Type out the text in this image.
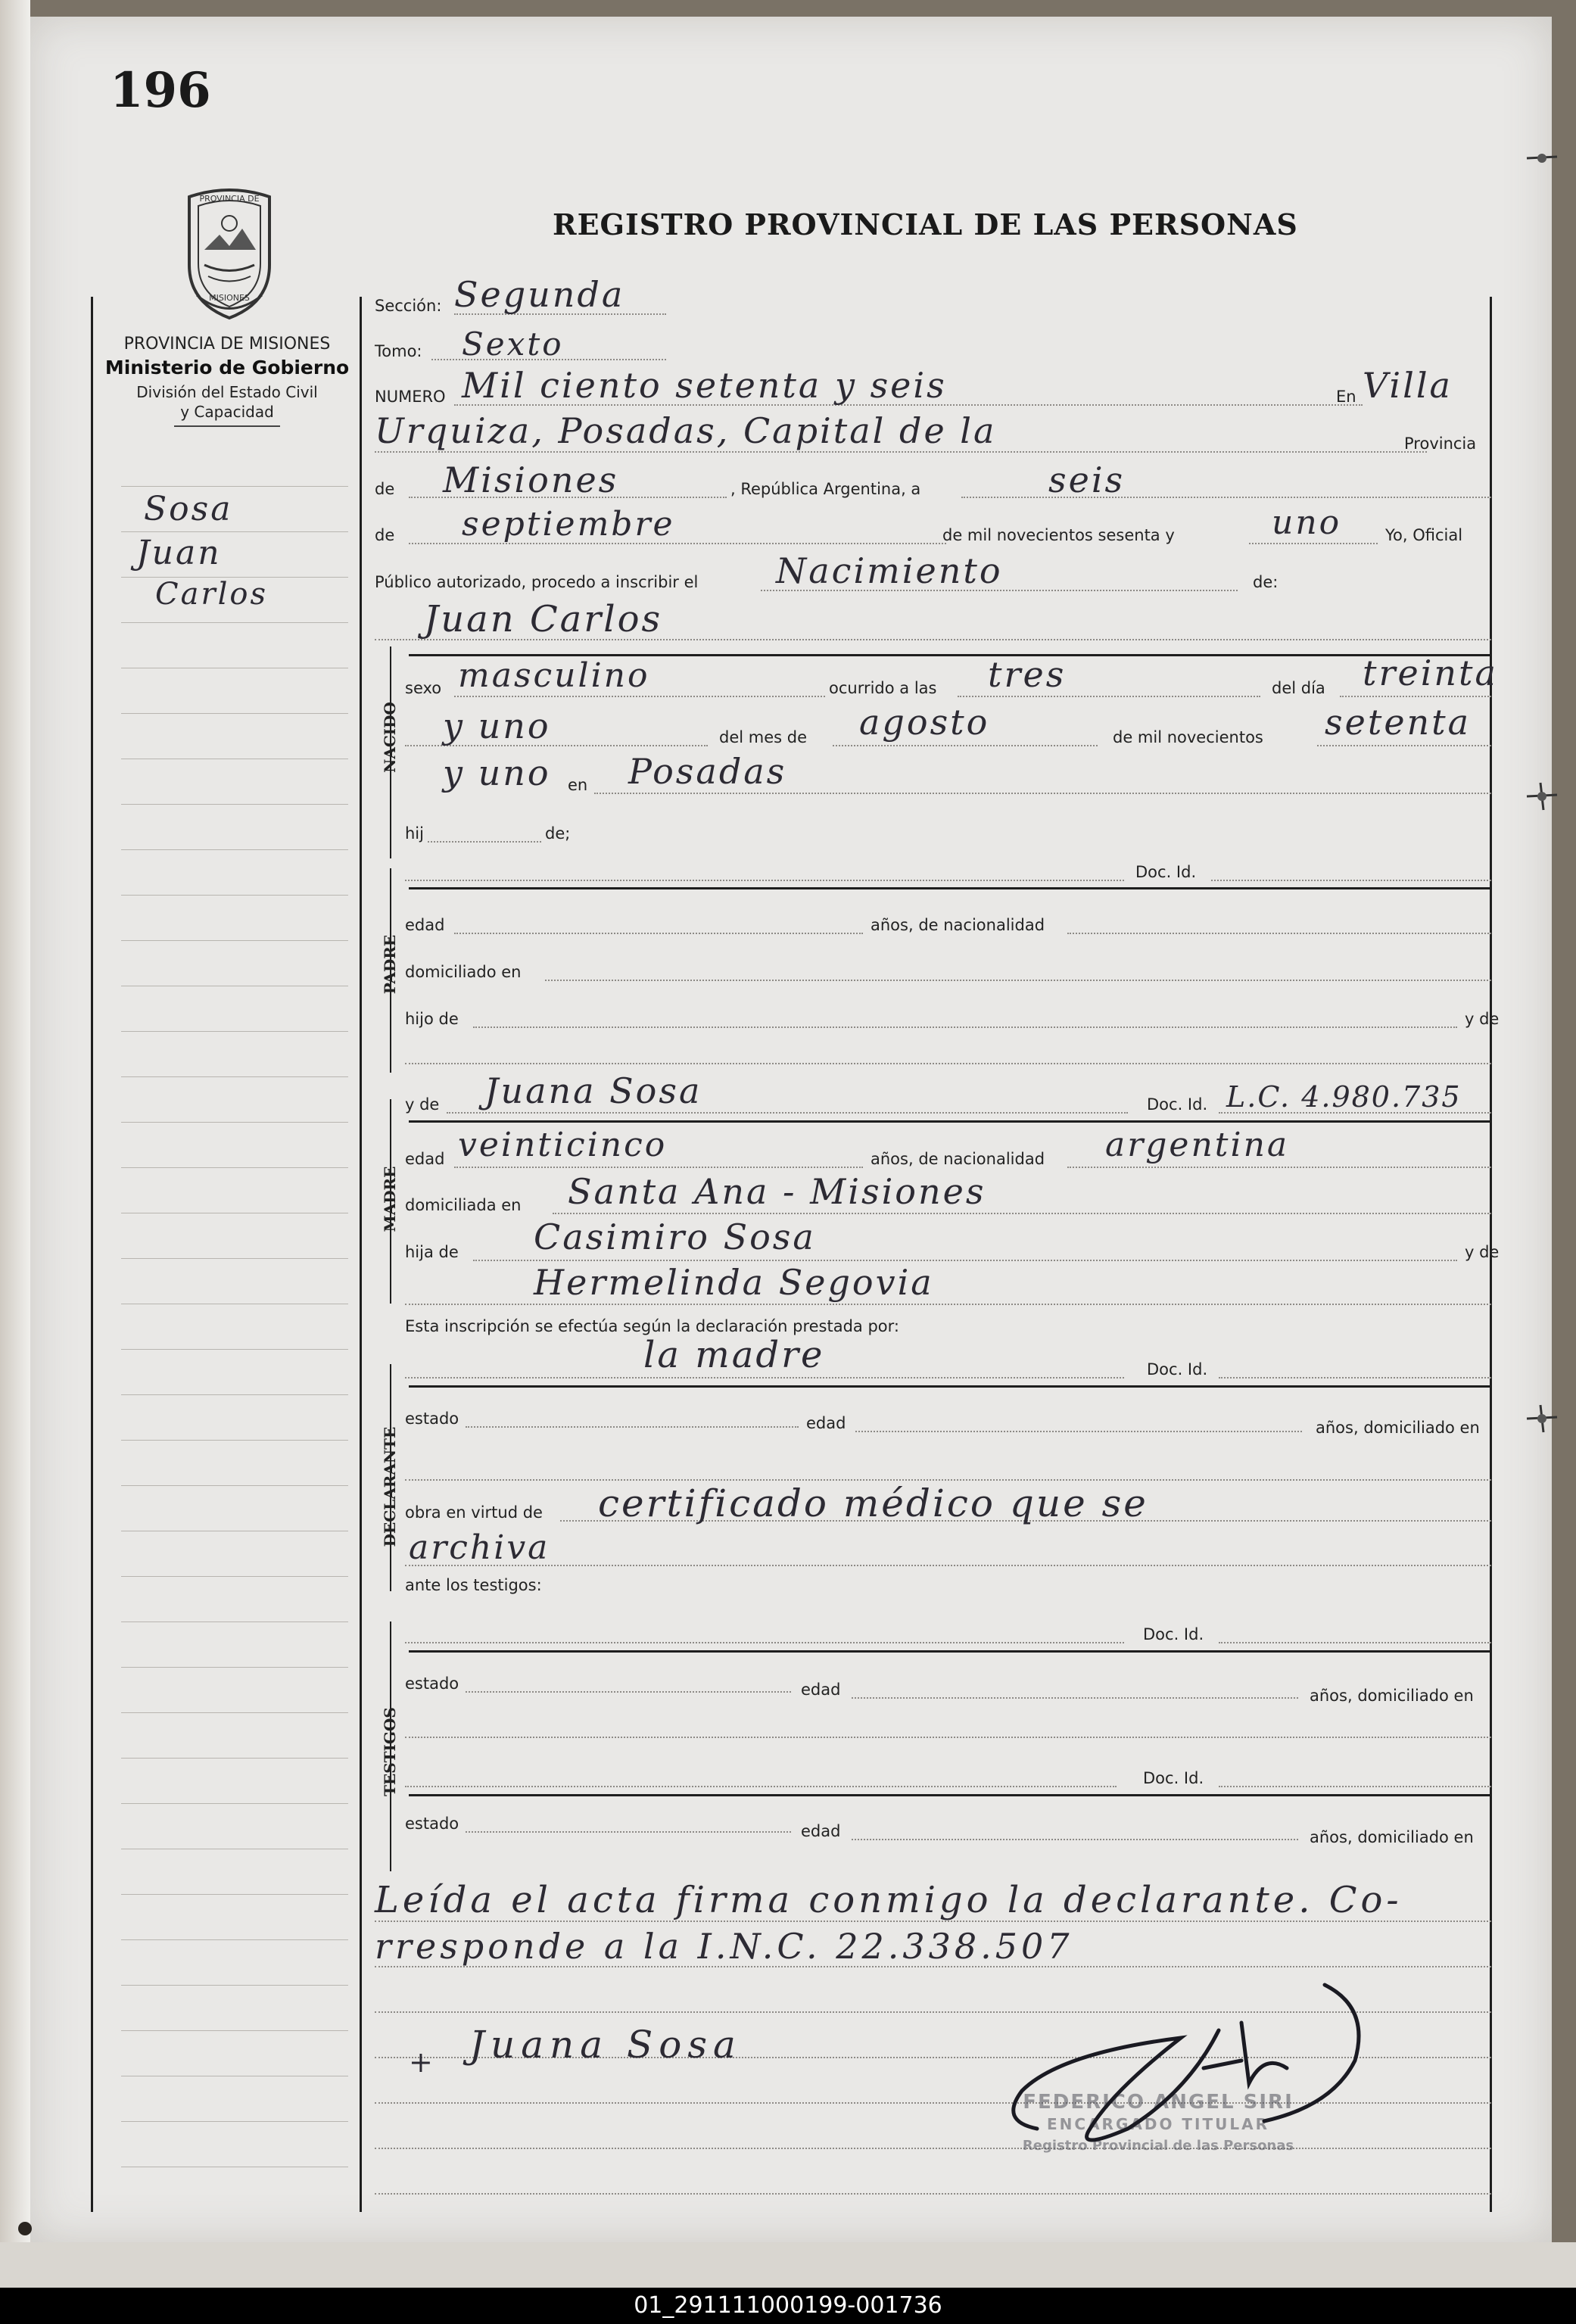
196
PROVINCIA DE
MISIONES
REGISTRO PROVINCIAL DE LAS PERSONAS
PROVINCIA DE MISIONES
Ministerio de Gobierno
División del Estado Civil
y Capacidad
Sosa
Juan
Carlos
Sección: Segunda
Tomo: Sexto
NUMERO Mil ciento setenta y seis	En Villa
Urquiza, Posadas, Capital de la	Provincia
de Misiones	, República Argentina, a	seis
de septiembre	de mil novecientos sesenta y	uno	Yo, Oficial
Público autorizado, procedo a inscribir el Nacimiento	de:
Juan Carlos
NACIDO
sexo masculino	ocurrido a las tres	del día treinta
y uno	del mes de agosto	de mil novecientos setenta
y uno en Posadas
hij	de;
Doc. Id.
PADRE
edad	años, de nacionalidad
domiciliado en
hijo de	y de
y de Juana Sosa	Doc. Id. L.C. 4.980.735
MADRE
edad veinticinco	años, de nacionalidad argentina
domiciliada en Santa Ana - Misiones
hija de Casimiro Sosa	y de
Hermelinda Segovia
Esta inscripción se efectúa según la declaración prestada por:
la madre	Doc. Id.
DECLARANTE
estado	edad	años, domiciliado en
obra en virtud de certificado médico que se
archiva
ante los testigos:
Doc. Id.
TESTIGOS
estado	edad	años, domiciliado en
Doc. Id.
estado	edad	años, domiciliado en
Leída el acta firma conmigo la declarante. Co-
rresponde a la I.N.C. 22.338.507
+ Juana Sosa
FEDERICO ANGEL SIRI
ENCARGADO TITULAR
Registro Provincial de las Personas
01_291111000199-001736
